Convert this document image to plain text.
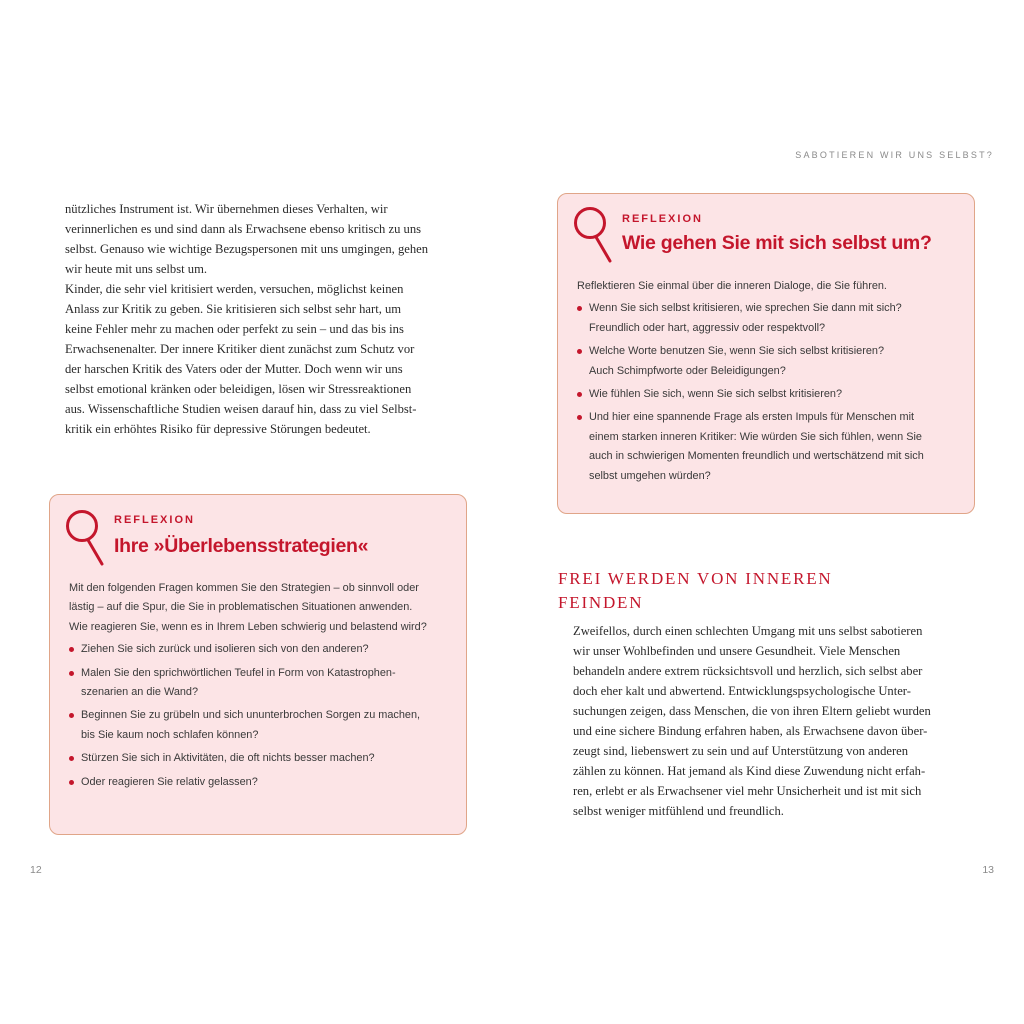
SABOTIEREN WIR UNS SELBST?
nützliches Instrument ist. Wir übernehmen dieses Verhalten, wir
verinnerlichen es und sind dann als Erwachsene ebenso kritisch zu uns
selbst. Genauso wie wichtige Bezugspersonen mit uns umgingen, gehen
wir heute mit uns selbst um.
Kinder, die sehr viel kritisiert werden, versuchen, möglichst keinen
Anlass zur Kritik zu geben. Sie kritisieren sich selbst sehr hart, um
keine Fehler mehr zu machen oder perfekt zu sein – und das bis ins
Erwachsenenalter. Der innere Kritiker dient zunächst zum Schutz vor
der harschen Kritik des Vaters oder der Mutter. Doch wenn wir uns
selbst emotional kränken oder beleidigen, lösen wir Stressreaktionen
aus. Wissenschaftliche Studien weisen darauf hin, dass zu viel Selbst-
kritik ein erhöhtes Risiko für depressive Störungen bedeutet.
REFLEXION
Ihre »Überlebensstrategien«
Mit den folgenden Fragen kommen Sie den Strategien – ob sinnvoll oder
lästig – auf die Spur, die Sie in problematischen Situationen anwenden.
Wie reagieren Sie, wenn es in Ihrem Leben schwierig und belastend wird?
Ziehen Sie sich zurück und isolieren sich von den anderen?
Malen Sie den sprichwörtlichen Teufel in Form von Katastrophen-
szenarien an die Wand?
Beginnen Sie zu grübeln und sich ununterbrochen Sorgen zu machen,
bis Sie kaum noch schlafen können?
Stürzen Sie sich in Aktivitäten, die oft nichts besser machen?
Oder reagieren Sie relativ gelassen?
REFLEXION
Wie gehen Sie mit sich selbst um?
Reflektieren Sie einmal über die inneren Dialoge, die Sie führen.
Wenn Sie sich selbst kritisieren, wie sprechen Sie dann mit sich?
Freundlich oder hart, aggressiv oder respektvoll?
Welche Worte benutzen Sie, wenn Sie sich selbst kritisieren?
Auch Schimpfworte oder Beleidigungen?
Wie fühlen Sie sich, wenn Sie sich selbst kritisieren?
Und hier eine spannende Frage als ersten Impuls für Menschen mit
einem starken inneren Kritiker: Wie würden Sie sich fühlen, wenn Sie
auch in schwierigen Momenten freundlich und wertschätzend mit sich
selbst umgehen würden?
FREI WERDEN VON INNEREN
FEINDEN
Zweifellos, durch einen schlechten Umgang mit uns selbst sabotieren
wir unser Wohlbefinden und unsere Gesundheit. Viele Menschen
behandeln andere extrem rücksichtsvoll und herzlich, sich selbst aber
doch eher kalt und abwertend. Entwicklungspsychologische Unter-
suchungen zeigen, dass Menschen, die von ihren Eltern geliebt wurden
und eine sichere Bindung erfahren haben, als Erwachsene davon über-
zeugt sind, liebenswert zu sein und auf Unterstützung von anderen
zählen zu können. Hat jemand als Kind diese Zuwendung nicht erfah-
ren, erlebt er als Erwachsener viel mehr Unsicherheit und ist mit sich
selbst weniger mitfühlend und freundlich.
12	13
